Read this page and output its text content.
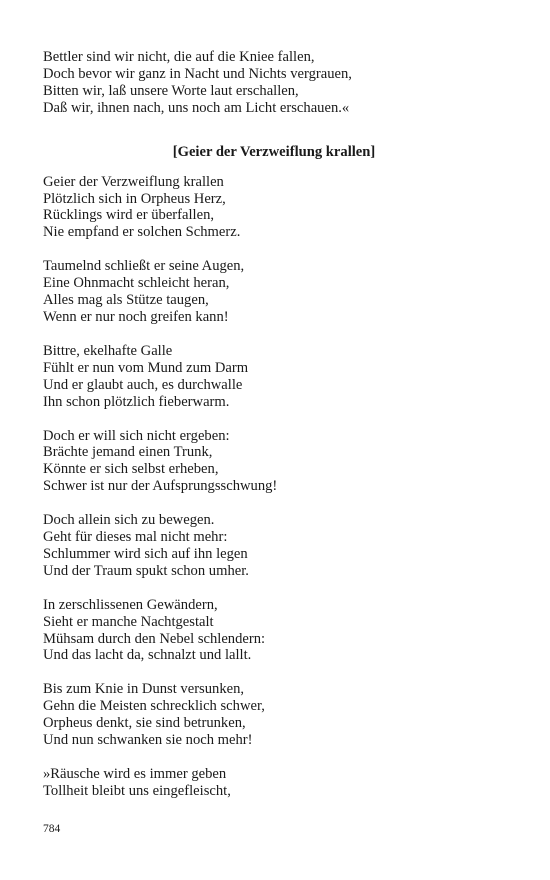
Bettler sind wir nicht, die auf die Kniee fallen,
Doch bevor wir ganz in Nacht und Nichts vergrauen,
Bitten wir, laß unsere Worte laut erschallen,
Daß wir, ihnen nach, uns noch am Licht erschauen.«
[Geier der Verzweiflung krallen]
Geier der Verzweiflung krallen
Plötzlich sich in Orpheus Herz,
Rücklings wird er überfallen,
Nie empfand er solchen Schmerz.
Taumelnd schließt er seine Augen,
Eine Ohnmacht schleicht heran,
Alles mag als Stütze taugen,
Wenn er nur noch greifen kann!
Bittre, ekelhafte Galle
Fühlt er nun vom Mund zum Darm
Und er glaubt auch, es durchwalle
Ihn schon plötzlich fieberwarm.
Doch er will sich nicht ergeben:
Brächte jemand einen Trunk,
Könnte er sich selbst erheben,
Schwer ist nur der Aufsprungsschwung!
Doch allein sich zu bewegen.
Geht für dieses mal nicht mehr:
Schlummer wird sich auf ihn legen
Und der Traum spukt schon umher.
In zerschlissenen Gewändern,
Sieht er manche Nachtgestalt
Mühsam durch den Nebel schlendern:
Und das lacht da, schnalzt und lallt.
Bis zum Knie in Dunst versunken,
Gehn die Meisten schrecklich schwer,
Orpheus denkt, sie sind betrunken,
Und nun schwanken sie noch mehr!
»Räusche wird es immer geben
Tollheit bleibt uns eingefleischt,
784
